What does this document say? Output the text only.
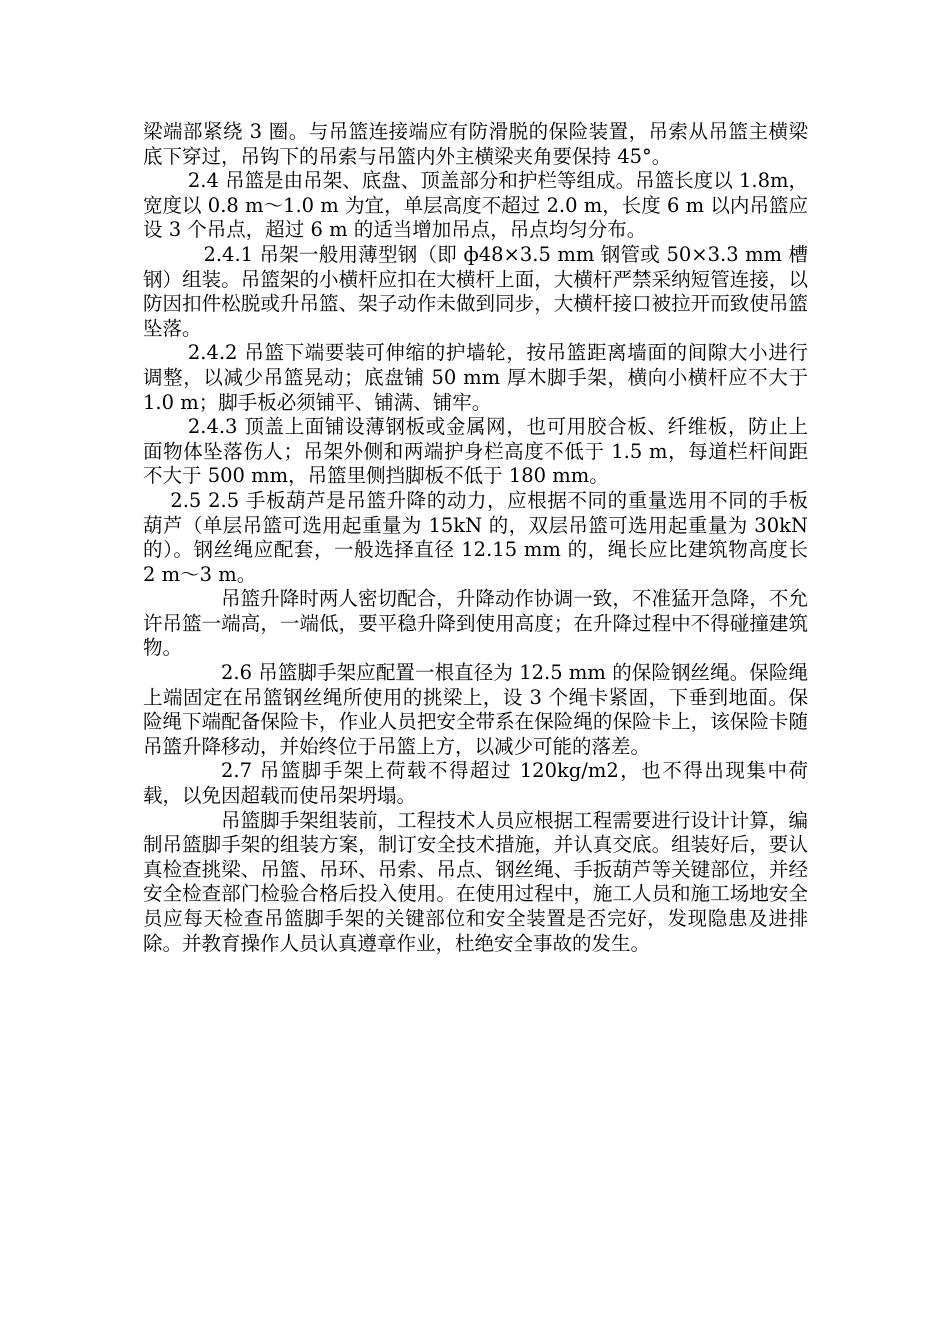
梁端部紧绕 3 圈。与吊篮连接端应有防滑脱的保险装置，吊索从吊篮主横梁底下穿过，吊钩下的吊索与吊篮内外主横梁夹角要保持 45°。

2.4 吊篮是由吊架、底盘、顶盖部分和护栏等组成。吊篮长度以 1.8m，宽度以 0.8 m～1.0 m 为宜，单层高度不超过 2.0 m，长度 6 m 以内吊篮应设 3 个吊点，超过 6 m 的适当增加吊点，吊点均匀分布。

2.4.1 吊架一般用薄型钢（即 ф48×3.5 mm 钢管或 50×3.3 mm 槽钢）组装。吊篮架的小横杆应扣在大横杆上面，大横杆严禁采纳短管连接，以防因扣件松脱或升吊篮、架子动作未做到同步，大横杆接口被拉开而致使吊篮坠落。

2.4.2 吊篮下端要装可伸缩的护墙轮，按吊篮距离墙面的间隙大小进行调整，以减少吊篮晃动；底盘铺 50 mm 厚木脚手架，横向小横杆应不大于 1.0 m；脚手板必须铺平、铺满、铺牢。

2.4.3 顶盖上面铺设薄钢板或金属网，也可用胶合板、纤维板，防止上面物体坠落伤人；吊架外侧和两端护身栏高度不低于 1.5 m，每道栏杆间距不大于 500 mm，吊篮里侧挡脚板不低于 180 mm。

2.5 2.5 手板葫芦是吊篮升降的动力，应根据不同的重量选用不同的手板葫芦（单层吊篮可选用起重量为 15kN 的，双层吊篮可选用起重量为 30kN 的）。钢丝绳应配套，一般选择直径 12.15 mm 的，绳长应比建筑物高度长 2 m～3 m。

吊篮升降时两人密切配合，升降动作协调一致，不准猛开急降，不允许吊篮一端高，一端低，要平稳升降到使用高度；在升降过程中不得碰撞建筑物。

2.6 吊篮脚手架应配置一根直径为 12.5 mm 的保险钢丝绳。保险绳上端固定在吊篮钢丝绳所使用的挑梁上，设 3 个绳卡紧固，下垂到地面。保险绳下端配备保险卡，作业人员把安全带系在保险绳的保险卡上，该保险卡随吊篮升降移动，并始终位于吊篮上方，以减少可能的落差。

2.7 吊篮脚手架上荷载不得超过 120kg/m2，也不得出现集中荷载，以免因超载而使吊架坍塌。

吊篮脚手架组装前，工程技术人员应根据工程需要进行设计计算，编制吊篮脚手架的组装方案，制订安全技术措施，并认真交底。组装好后，要认真检查挑梁、吊篮、吊环、吊索、吊点、钢丝绳、手扳葫芦等关键部位，并经安全检查部门检验合格后投入使用。在使用过程中，施工人员和施工场地安全员应每天检查吊篮脚手架的关键部位和安全装置是否完好，发现隐患及进排除。并教育操作人员认真遵章作业，杜绝安全事故的发生。
